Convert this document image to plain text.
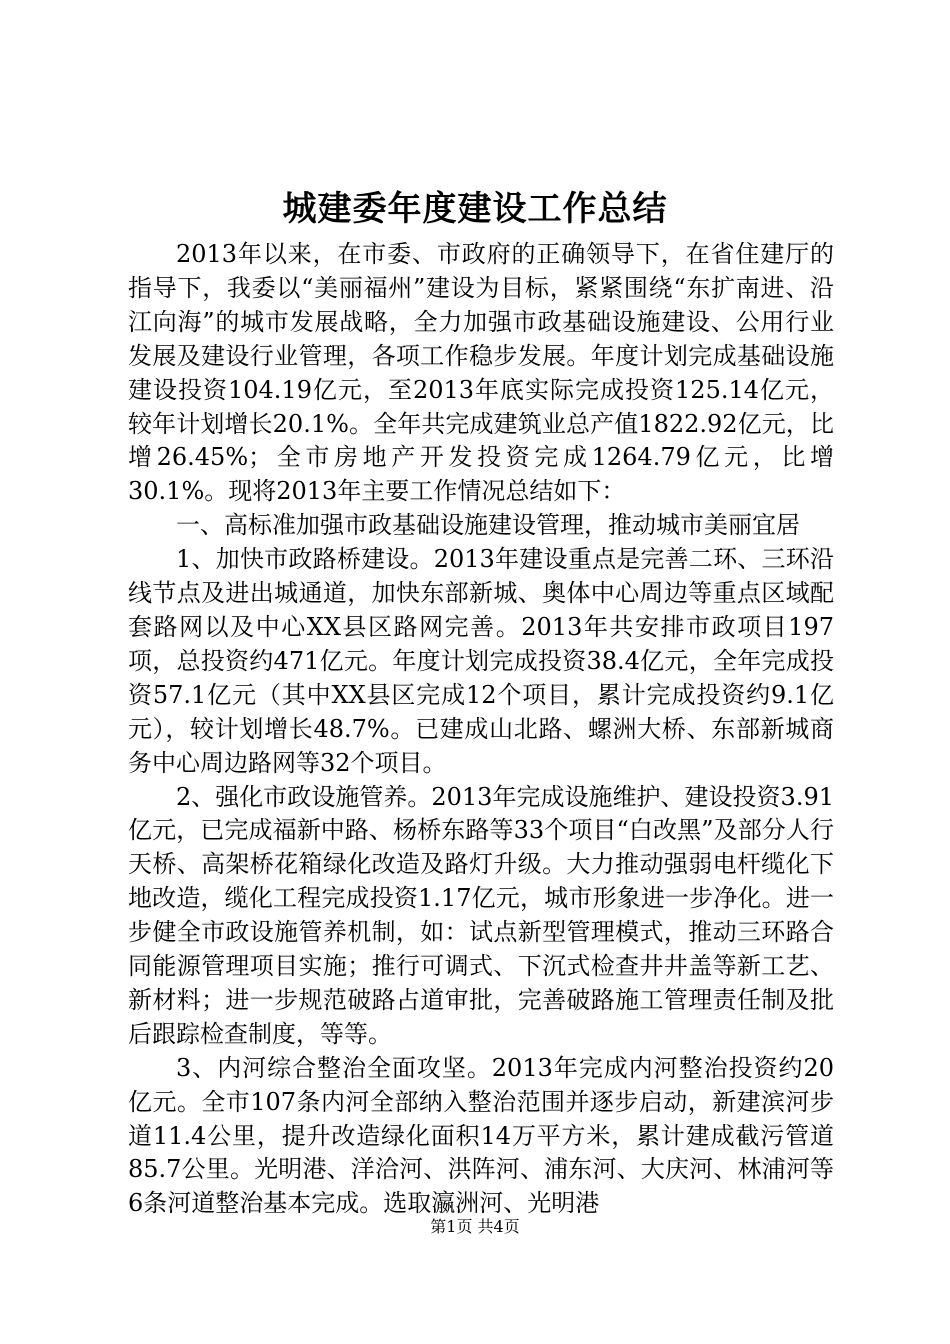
城建委年度建设工作总结

2013年以来，在市委、市政府的正确领导下，在省住建厅的指导下，我委以“美丽福州”建设为目标，紧紧围绕“东扩南进、沿江向海”的城市发展战略，全力加强市政基础设施建设、公用行业发展及建设行业管理，各项工作稳步发展。年度计划完成基础设施建设投资104.19亿元，至2013年底实际完成投资125.14亿元，较年计划增长20.1%。全年共完成建筑业总产值1822.92亿元，比增26.45%；全市房地产开发投资完成1264.79亿元，比增30.1%。现将2013年主要工作情况总结如下：

一、高标准加强市政基础设施建设管理，推动城市美丽宜居

1、加快市政路桥建设。2013年建设重点是完善二环、三环沿线节点及进出城通道，加快东部新城、奥体中心周边等重点区域配套路网以及中心XX县区路网完善。2013年共安排市政项目197项，总投资约471亿元。年度计划完成投资38.4亿元，全年完成投资57.1亿元（其中XX县区完成12个项目，累计完成投资约9.1亿元），较计划增长48.7%。已建成山北路、螺洲大桥、东部新城商务中心周边路网等32个项目。

2、强化市政设施管养。2013年完成设施维护、建设投资3.91亿元，已完成福新中路、杨桥东路等33个项目“白改黑”及部分人行天桥、高架桥花箱绿化改造及路灯升级。大力推动强弱电杆缆化下地改造，缆化工程完成投资1.17亿元，城市形象进一步净化。进一步健全市政设施管养机制，如：试点新型管理模式，推动三环路合同能源管理项目实施；推行可调式、下沉式检查井井盖等新工艺、新材料；进一步规范破路占道审批，完善破路施工管理责任制及批后跟踪检查制度，等等。

3、内河综合整治全面攻坚。2013年完成内河整治投资约20亿元。全市107条内河全部纳入整治范围并逐步启动，新建滨河步道11.4公里，提升改造绿化面积14万平方米，累计建成截污管道85.7公里。光明港、洋洽河、洪阵河、浦东河、大庆河、林浦河等6条河道整治基本完成。选取瀛洲河、光明港

第1页 共4页
